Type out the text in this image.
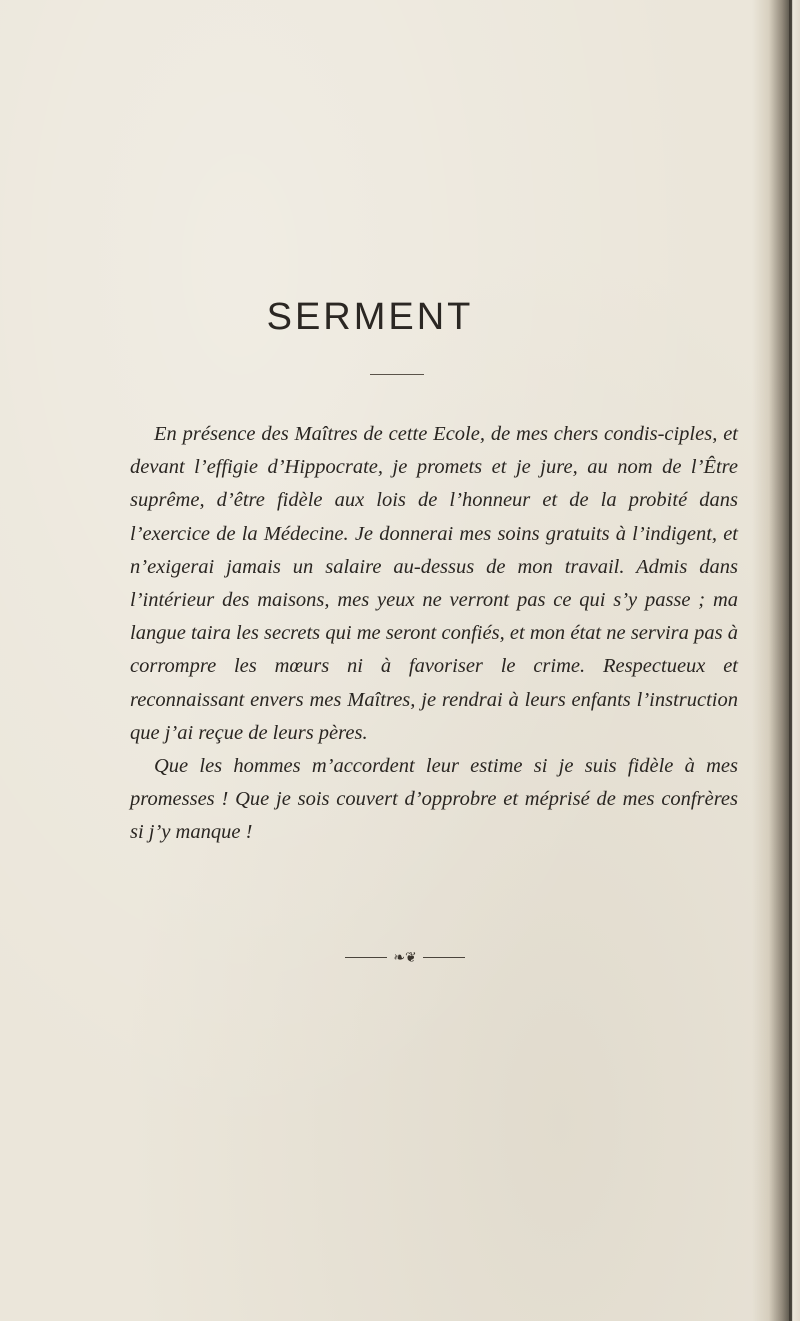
SERMENT

En présence des Maîtres de cette Ecole, de mes chers condis-ciples, et devant l’effigie d’Hippocrate, je promets et je jure, au nom de l’Être suprême, d’être fidèle aux lois de l’honneur et de la probité dans l’exercice de la Médecine. Je donnerai mes soins gratuits à l’indigent, et n’exigerai jamais un salaire au-dessus de mon travail. Admis dans l’intérieur des maisons, mes yeux ne verront pas ce qui s’y passe ; ma langue taira les secrets qui me seront confiés, et mon état ne servira pas à corrompre les mœurs ni à favoriser le crime. Respectueux et reconnaissant envers mes Maîtres, je rendrai à leurs enfants l’instruction que j’ai reçue de leurs pères.

Que les hommes m’accordent leur estime si je suis fidèle à mes promesses ! Que je sois couvert d’opprobre et méprisé de mes confrères si j’y manque !

❧❦
